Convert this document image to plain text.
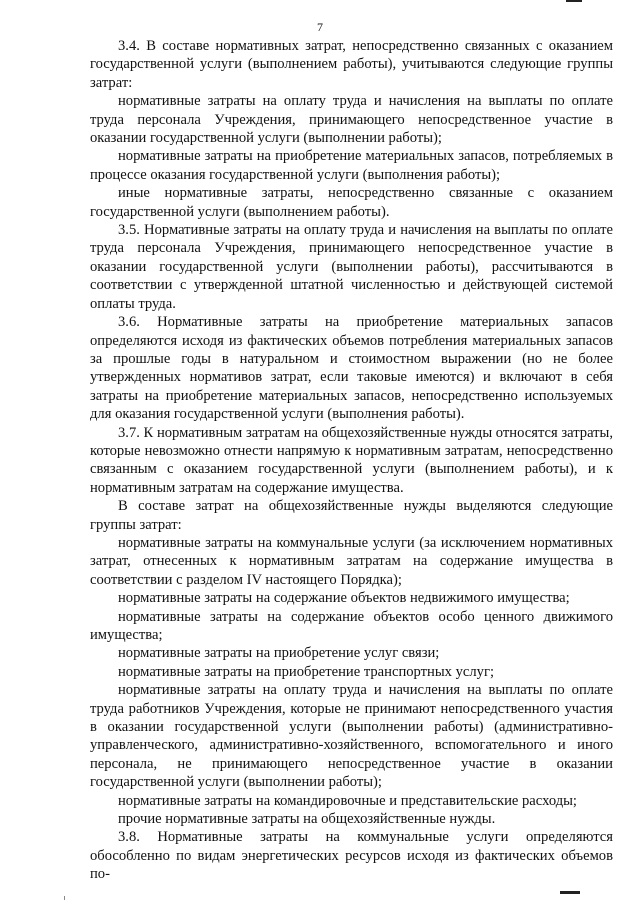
7

3.4. В составе нормативных затрат, непосредственно связанных с оказанием государственной услуги (выполнением работы), учитываются следующие группы затрат:

нормативные затраты на оплату труда и начисления на выплаты по оплате труда персонала Учреждения, принимающего непосредственное участие в оказании государственной услуги (выполнении работы);

нормативные затраты на приобретение материальных запасов, потребляемых в процессе оказания государственной услуги (выполнения работы);

иные нормативные затраты, непосредственно связанные с оказанием государственной услуги (выполнением работы).

3.5. Нормативные затраты на оплату труда и начисления на выплаты по оплате труда персонала Учреждения, принимающего непосредственное участие в оказании государственной услуги (выполнении работы), рассчитываются в соответствии с утвержденной штатной численностью и действующей системой оплаты труда.

3.6. Нормативные затраты на приобретение материальных запасов определяются исходя из фактических объемов потребления материальных запасов за прошлые годы в натуральном и стоимостном выражении (но не более утвержденных нормативов затрат, если таковые имеются) и включают в себя затраты на приобретение материальных запасов, непосредственно используемых для оказания государственной услуги (выполнения работы).

3.7. К нормативным затратам на общехозяйственные нужды относятся затраты, которые невозможно отнести напрямую к нормативным затратам, непосредственно связанным с оказанием государственной услуги (выполнением работы), и к нормативным затратам на содержание имущества.

В составе затрат на общехозяйственные нужды выделяются следующие группы затрат:

нормативные затраты на коммунальные услуги (за исключением нормативных затрат, отнесенных к нормативным затратам на содержание имущества в соответствии с разделом IV настоящего Порядка);

нормативные затраты на содержание объектов недвижимого имущества;

нормативные затраты на содержание объектов особо ценного движимого имущества;

нормативные затраты на приобретение услуг связи;

нормативные затраты на приобретение транспортных услуг;

нормативные затраты на оплату труда и начисления на выплаты по оплате труда работников Учреждения, которые не принимают непосредственного участия в оказании государственной услуги (выполнении работы) (административно-управленческого, административно-хозяйственного, вспомогательного и иного персонала, не принимающего непосредственное участие в оказании государственной услуги (выполнении работы);

нормативные затраты на командировочные и представительские расходы;

прочие нормативные затраты на общехозяйственные нужды.

3.8. Нормативные затраты на коммунальные услуги определяются обособленно по видам энергетических ресурсов исходя из фактических объемов по-
